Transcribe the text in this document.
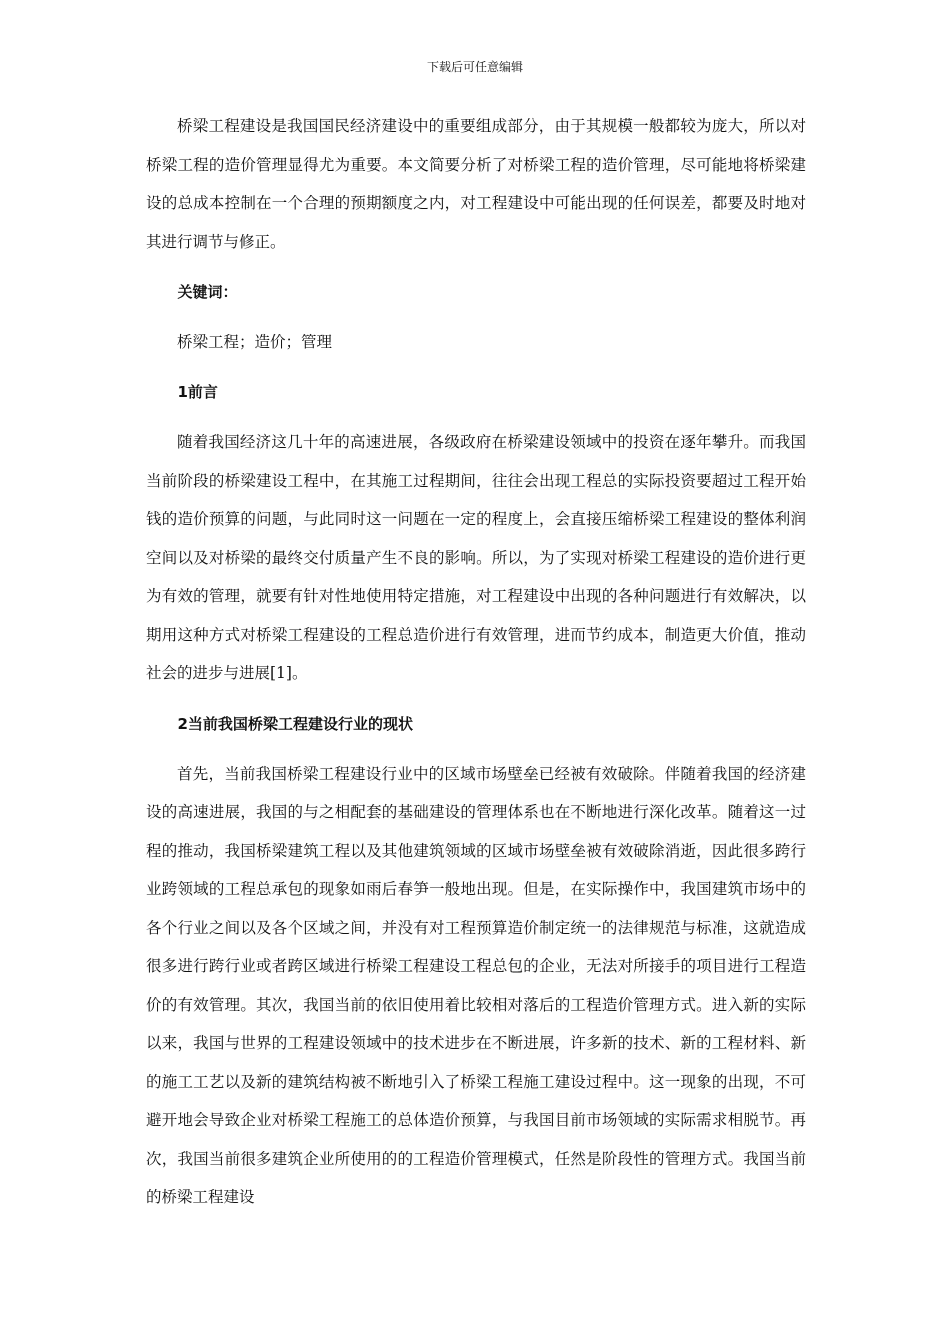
下载后可任意编辑

桥梁工程建设是我国国民经济建设中的重要组成部分，由于其规模一般都较为庞大，所以对桥梁工程的造价管理显得尤为重要。本文简要分析了对桥梁工程的造价管理，尽可能地将桥梁建设的总成本控制在一个合理的预期额度之内，对工程建设中可能出现的任何误差，都要及时地对其进行调节与修正。

关键词：
桥梁工程；造价；管理
1前言

随着我国经济这几十年的高速进展，各级政府在桥梁建设领域中的投资在逐年攀升。而我国当前阶段的桥梁建设工程中，在其施工过程期间，往往会出现工程总的实际投资要超过工程开始钱的造价预算的问题，与此同时这一问题在一定的程度上，会直接压缩桥梁工程建设的整体利润空间以及对桥梁的最终交付质量产生不良的影响。所以，为了实现对桥梁工程建设的造价进行更为有效的管理，就要有针对性地使用特定措施，对工程建设中出现的各种问题进行有效解决，以期用这种方式对桥梁工程建设的工程总造价进行有效管理，进而节约成本，制造更大价值，推动社会的进步与进展[1]。

2当前我国桥梁工程建设行业的现状

首先，当前我国桥梁工程建设行业中的区域市场壁垒已经被有效破除。伴随着我国的经济建设的高速进展，我国的与之相配套的基础建设的管理体系也在不断地进行深化改革。随着这一过程的推动，我国桥梁建筑工程以及其他建筑领域的区域市场壁垒被有效破除消逝，因此很多跨行业跨领域的工程总承包的现象如雨后春笋一般地出现。但是，在实际操作中，我国建筑市场中的各个行业之间以及各个区域之间，并没有对工程预算造价制定统一的法律规范与标准，这就造成很多进行跨行业或者跨区域进行桥梁工程建设工程总包的企业，无法对所接手的项目进行工程造价的有效管理。其次，我国当前的依旧使用着比较相对落后的工程造价管理方式。进入新的实际以来，我国与世界的工程建设领域中的技术进步在不断进展，许多新的技术、新的工程材料、新的施工工艺以及新的建筑结构被不断地引入了桥梁工程施工建设过程中。这一现象的出现，不可避开地会导致企业对桥梁工程施工的总体造价预算，与我国目前市场领域的实际需求相脱节。再次，我国当前很多建筑企业所使用的的工程造价管理模式，任然是阶段性的管理方式。我国当前的桥梁工程建设
